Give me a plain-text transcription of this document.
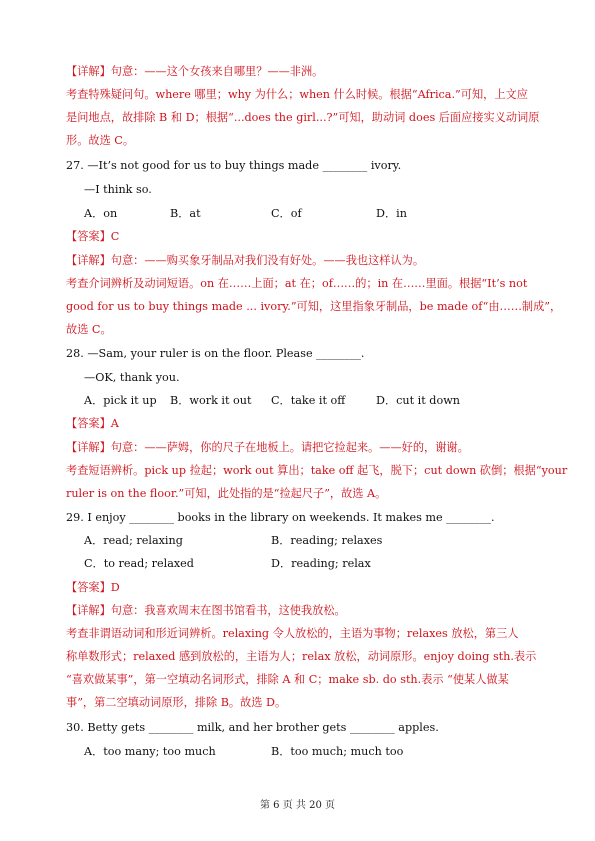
【详解】句意：——这个女孩来自哪里？——非洲。
考查特殊疑问句。where 哪里；why 为什么；when 什么时候。根据“Africa.”可知，上文应
是问地点，故排除 B 和 D；根据“...does the girl...?”可知，助动词 does 后面应接实义动词原
形。故选 C。
27. —It’s not good for us to buy things made ________ ivory.
—I think so.
A．on	B．at	C．of	D．in
【答案】C
【详解】句意：——购买象牙制品对我们没有好处。——我也这样认为。
考查介词辨析及动词短语。on 在……上面；at 在；of……的；in 在……里面。根据“It’s not
good for us to buy things made ... ivory.”可知，这里指象牙制品，be made of“由……制成”，
故选 C。
28. —Sam, your ruler is on the floor. Please ________.
—OK, thank you.
A．pick it up B．work it out C．take it off	D．cut it down
【答案】A
【详解】句意：——萨姆，你的尺子在地板上。请把它捡起来。——好的，谢谢。
考查短语辨析。pick up 捡起；work out 算出；take off 起飞，脱下；cut down 砍倒；根据“your
ruler is on the floor.”可知，此处指的是“捡起尺子”，故选 A。
29. I enjoy ________ books in the library on weekends. It makes me ________.
A．read; relaxing	B．reading; relaxes
C．to read; relaxed	D．reading; relax
【答案】D
【详解】句意：我喜欢周末在图书馆看书，这使我放松。
考查非谓语动词和形近词辨析。relaxing 令人放松的，主语为事物；relaxes 放松，第三人
称单数形式；relaxed 感到放松的，主语为人；relax 放松，动词原形。enjoy doing sth.表示
“喜欢做某事”，第一空填动名词形式，排除 A 和 C；make sb. do sth.表示 “使某人做某
事”，第二空填动词原形，排除 B。故选 D。
30. Betty gets ________ milk, and her brother gets ________ apples.
A．too many; too much	B．too much; much too
第 6 页 共 20 页
